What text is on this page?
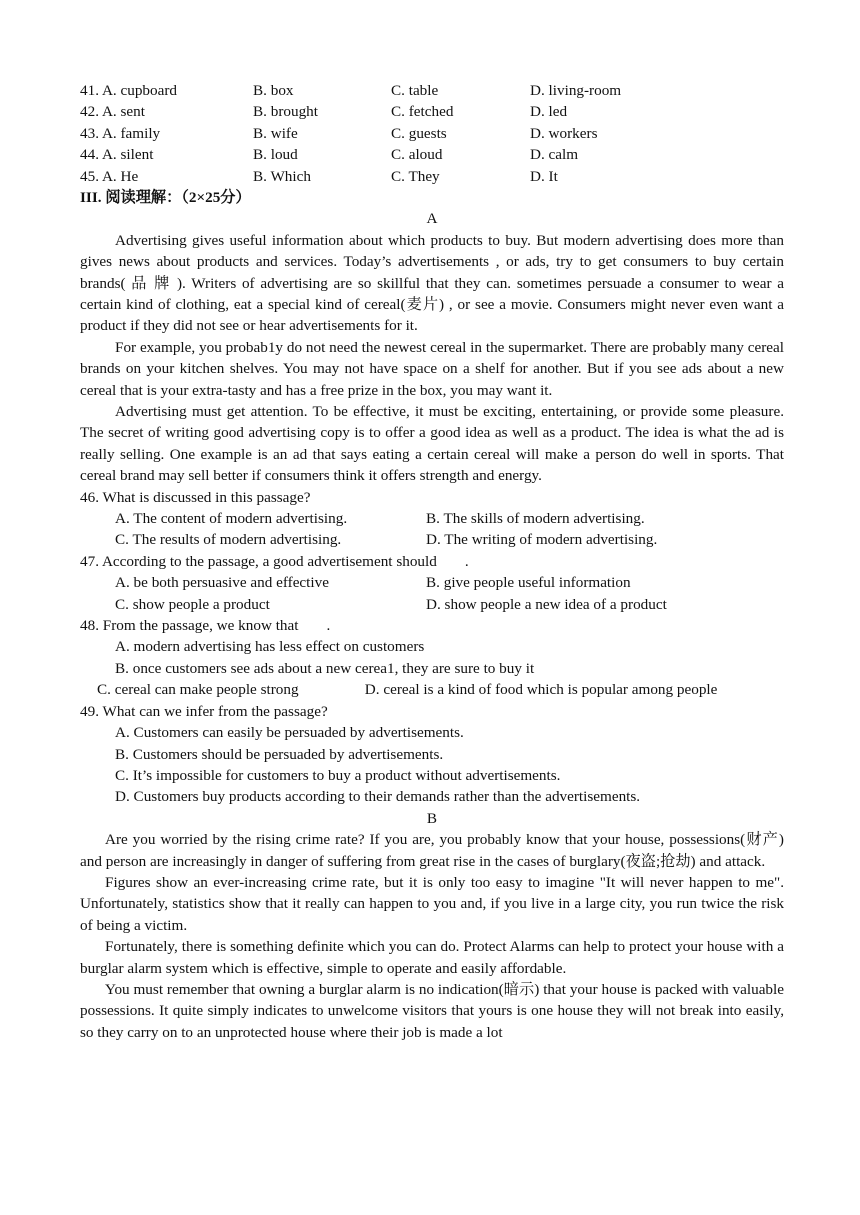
41. A. cupboard	B. box	C. table	D. living-room
42. A. sent	B. brought	C. fetched	D. led
43. A. family	B. wife	C. guests	D. workers
44. A. silent	B. loud	C. aloud	D. calm
45. A. He	B. Which	C. They	D. It
III. 阅读理解：（2×25分）
A

Advertising gives useful information about which products to buy. But modern advertising does more than gives news about products and services. Today’s advertisements , or ads, try to get consumers to buy certain brands( 品 牌 ). Writers of advertising are so skillful that they can. sometimes persuade a consumer to wear a certain kind of clothing, eat a special kind of cereal(麦片) , or see a movie. Consumers might never even want a product if they did not see or hear advertisements for it.

For example, you probab1y do not need the newest cereal in the supermarket. There are probably many cereal brands on your kitchen shelves. You may not have space on a shelf for another. But if you see ads about a new cereal that is your extra-tasty and has a free prize in the box, you may want it.

Advertising must get attention. To be effective, it must be exciting, entertaining, or provide some pleasure. The secret of writing good advertising copy is to offer a good idea as well as a product. The idea is what the ad is really selling. One example is an ad that says eating a certain cereal will make a person do well in sports. That cereal brand may sell better if consumers think it offers strength and energy.

46. What is discussed in this passage?

A. The content of modern advertising.	B. The skills of modern advertising.
C. The results of modern advertising.	D. The writing of modern advertising.

47. According to the passage, a good advertisement should .

A. be both persuasive and effective	B. give people useful information
C. show people a product	D. show people a new idea of a product

48. From the passage, we know that .

A. modern advertising has less effect on customers

B. once customers see ads about a new cerea1, they are sure to buy it

C. cereal can make people strong	D. cereal is a kind of food which is popular among people

49. What can we infer from the passage?

A. Customers can easily be persuaded by advertisements.

B. Customers should be persuaded by advertisements.

C. It’s impossible for customers to buy a product without advertisements.

D. Customers buy products according to their demands rather than the advertisements.

B

Are you worried by the rising crime rate? If you are, you probably know that your house, possessions(财产) and person are increasingly in danger of suffering from great rise in the cases of burglary(夜盗;抢劫) and attack.

Figures show an ever-increasing crime rate, but it is only too easy to imagine "It will never happen to me". Unfortunately, statistics show that it really can happen to you and, if you live in a large city, you run twice the risk of being a victim.

Fortunately, there is something definite which you can do. Protect Alarms can help to protect your house with a burglar alarm system which is effective, simple to operate and easily affordable.

You must remember that owning a burglar alarm is no indication(暗示) that your house is packed with valuable possessions. It quite simply indicates to unwelcome visitors that yours is one house they will not break into easily, so they carry on to an unprotected house where their job is made a lot
